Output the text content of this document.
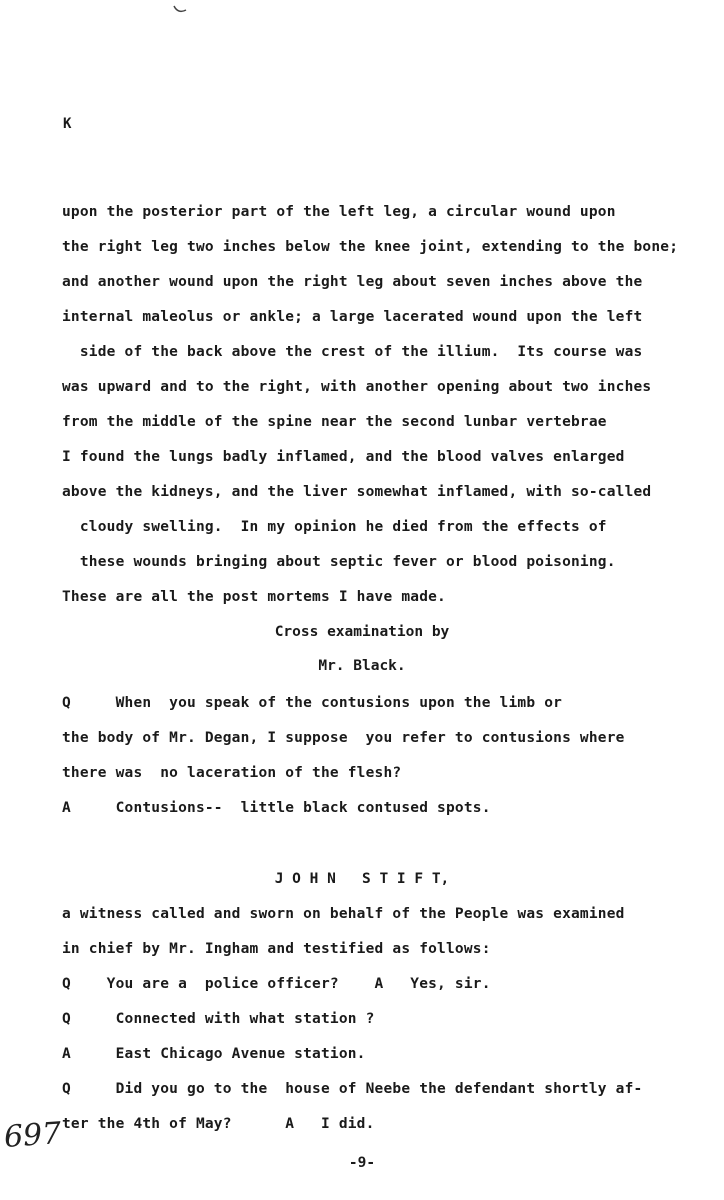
K
upon the posterior part of the left leg, a circular wound upon
the right leg two inches below the knee joint, extending to the bone;
and another wound upon the right leg about seven inches above the
internal maleolus or ankle; a large lacerated wound upon the left
side of the back above the crest of the illium.  Its course was
was upward and to the right, with another opening about two inches
from the middle of the spine near the second lunbar vertebrae
I found the lungs badly inflamed, and the blood valves enlarged
above the kidneys, and the liver somewhat inflamed, with so-called
cloudy swelling.  In my opinion he died from the effects of
these wounds bringing about septic fever or blood poisoning.
These are all the post mortems I have made.
Cross examination by
Mr. Black.
Q     When  you speak of the contusions upon the limb or
the body of Mr. Degan, I suppose  you refer to contusions where
there was  no laceration of the flesh?
A     Contusions--  little black contused spots.
J O H N   S T I F T,
a witness called and sworn on behalf of the People was examined
in chief by Mr. Ingham and testified as follows:
Q    You are a  police officer?    A   Yes, sir.
Q     Connected with what station ?
A     East Chicago Avenue station.
Q     Did you go to the  house of Neebe the defendant shortly af-
ter the 4th of May?      A   I did.
697
-9-
